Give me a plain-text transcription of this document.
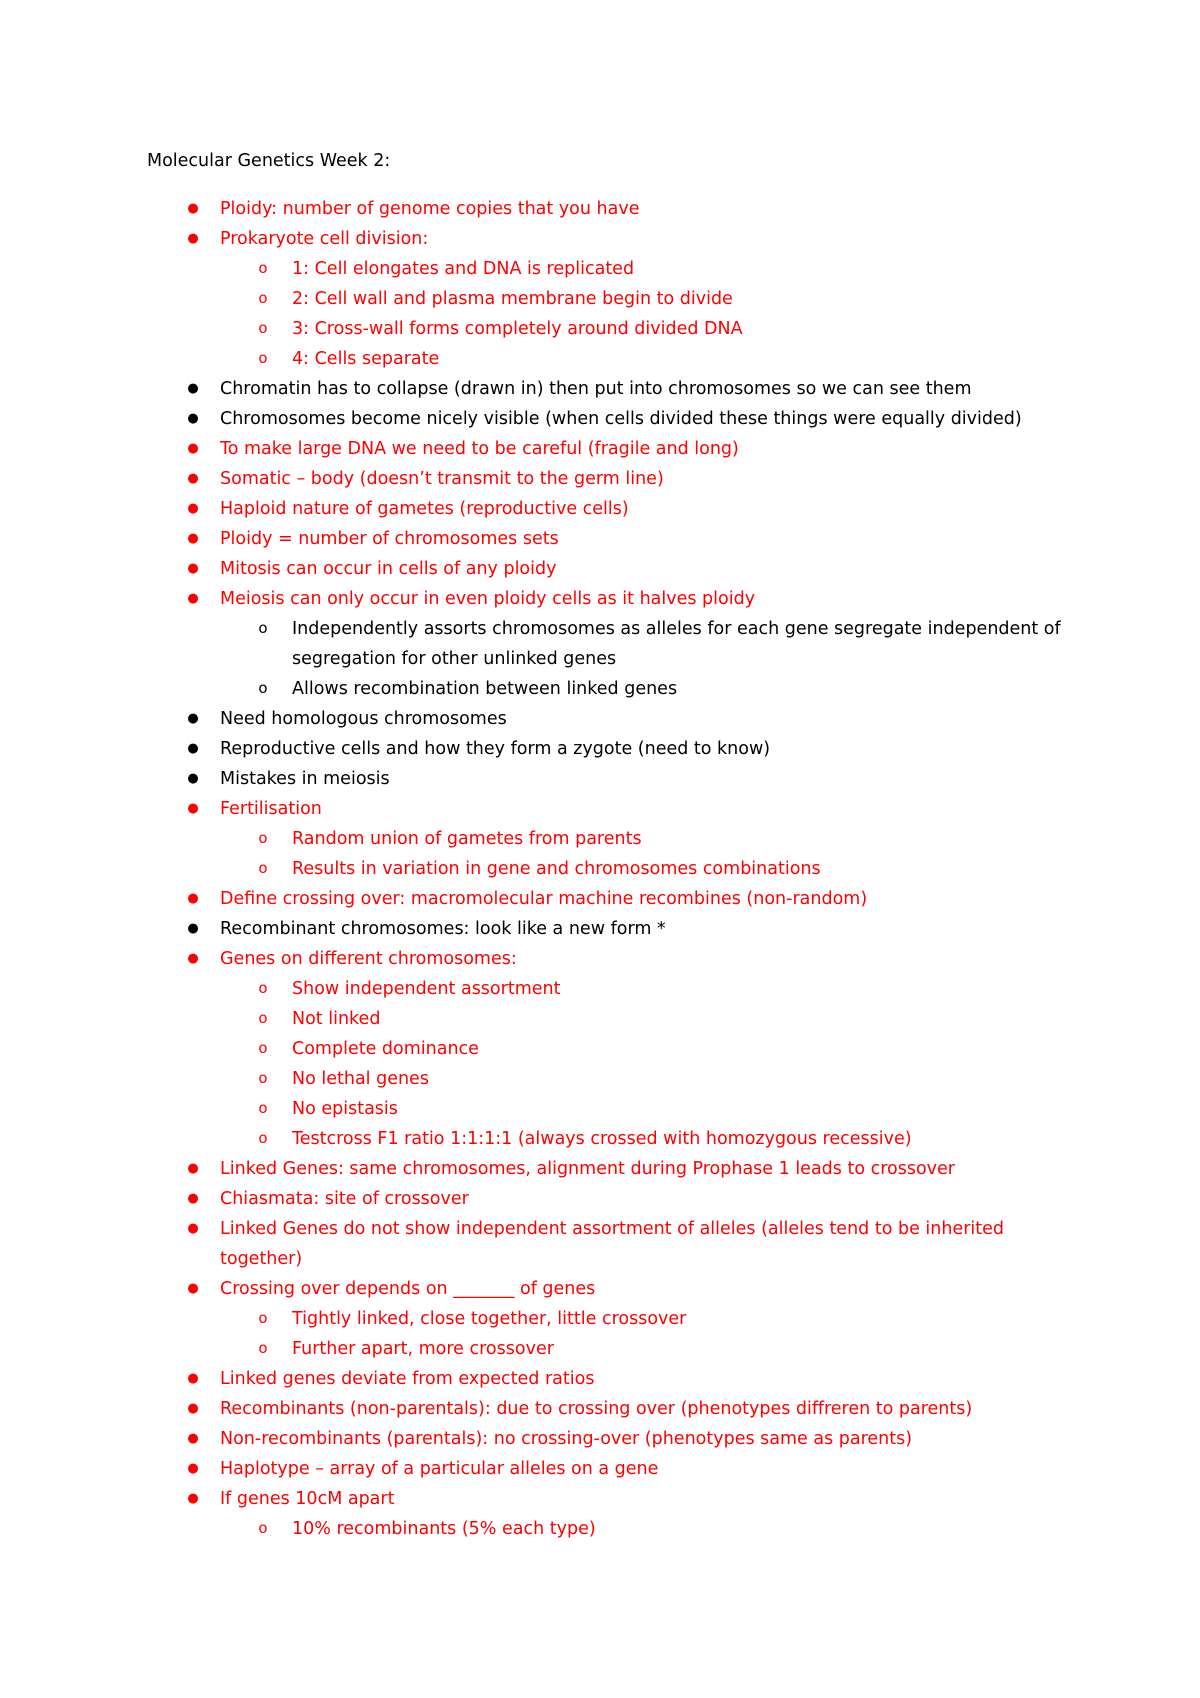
Molecular Genetics Week 2:
● Ploidy: number of genome copies that you have
● Prokaryote cell division:
o 1: Cell elongates and DNA is replicated
o 2: Cell wall and plasma membrane begin to divide
o 3: Cross-wall forms completely around divided DNA
o 4: Cells separate
● Chromatin has to collapse (drawn in) then put into chromosomes so we can see them
● Chromosomes become nicely visible (when cells divided these things were equally divided)
● To make large DNA we need to be careful (fragile and long)
● Somatic – body (doesn’t transmit to the germ line)
● Haploid nature of gametes (reproductive cells)
● Ploidy = number of chromosomes sets
● Mitosis can occur in cells of any ploidy
● Meiosis can only occur in even ploidy cells as it halves ploidy
o Independently assorts chromosomes as alleles for each gene segregate independent of segregation for other unlinked genes
o Allows recombination between linked genes
● Need homologous chromosomes
● Reproductive cells and how they form a zygote (need to know)
● Mistakes in meiosis
● Fertilisation
o Random union of gametes from parents
o Results in variation in gene and chromosomes combinations
● Define crossing over: macromolecular machine recombines (non-random)
● Recombinant chromosomes: look like a new form *
● Genes on different chromosomes:
o Show independent assortment
o Not linked
o Complete dominance
o No lethal genes
o No epistasis
o Testcross F1 ratio 1:1:1:1 (always crossed with homozygous recessive)
● Linked Genes: same chromosomes, alignment during Prophase 1 leads to crossover
● Chiasmata: site of crossover
● Linked Genes do not show independent assortment of alleles (alleles tend to be inherited together)
● Crossing over depends on _______ of genes
o Tightly linked, close together, little crossover
o Further apart, more crossover
● Linked genes deviate from expected ratios
● Recombinants (non-parentals): due to crossing over (phenotypes diffreren to parents)
● Non-recombinants (parentals): no crossing-over (phenotypes same as parents)
● Haplotype – array of a particular alleles on a gene
● If genes 10cM apart
o 10% recombinants (5% each type)
